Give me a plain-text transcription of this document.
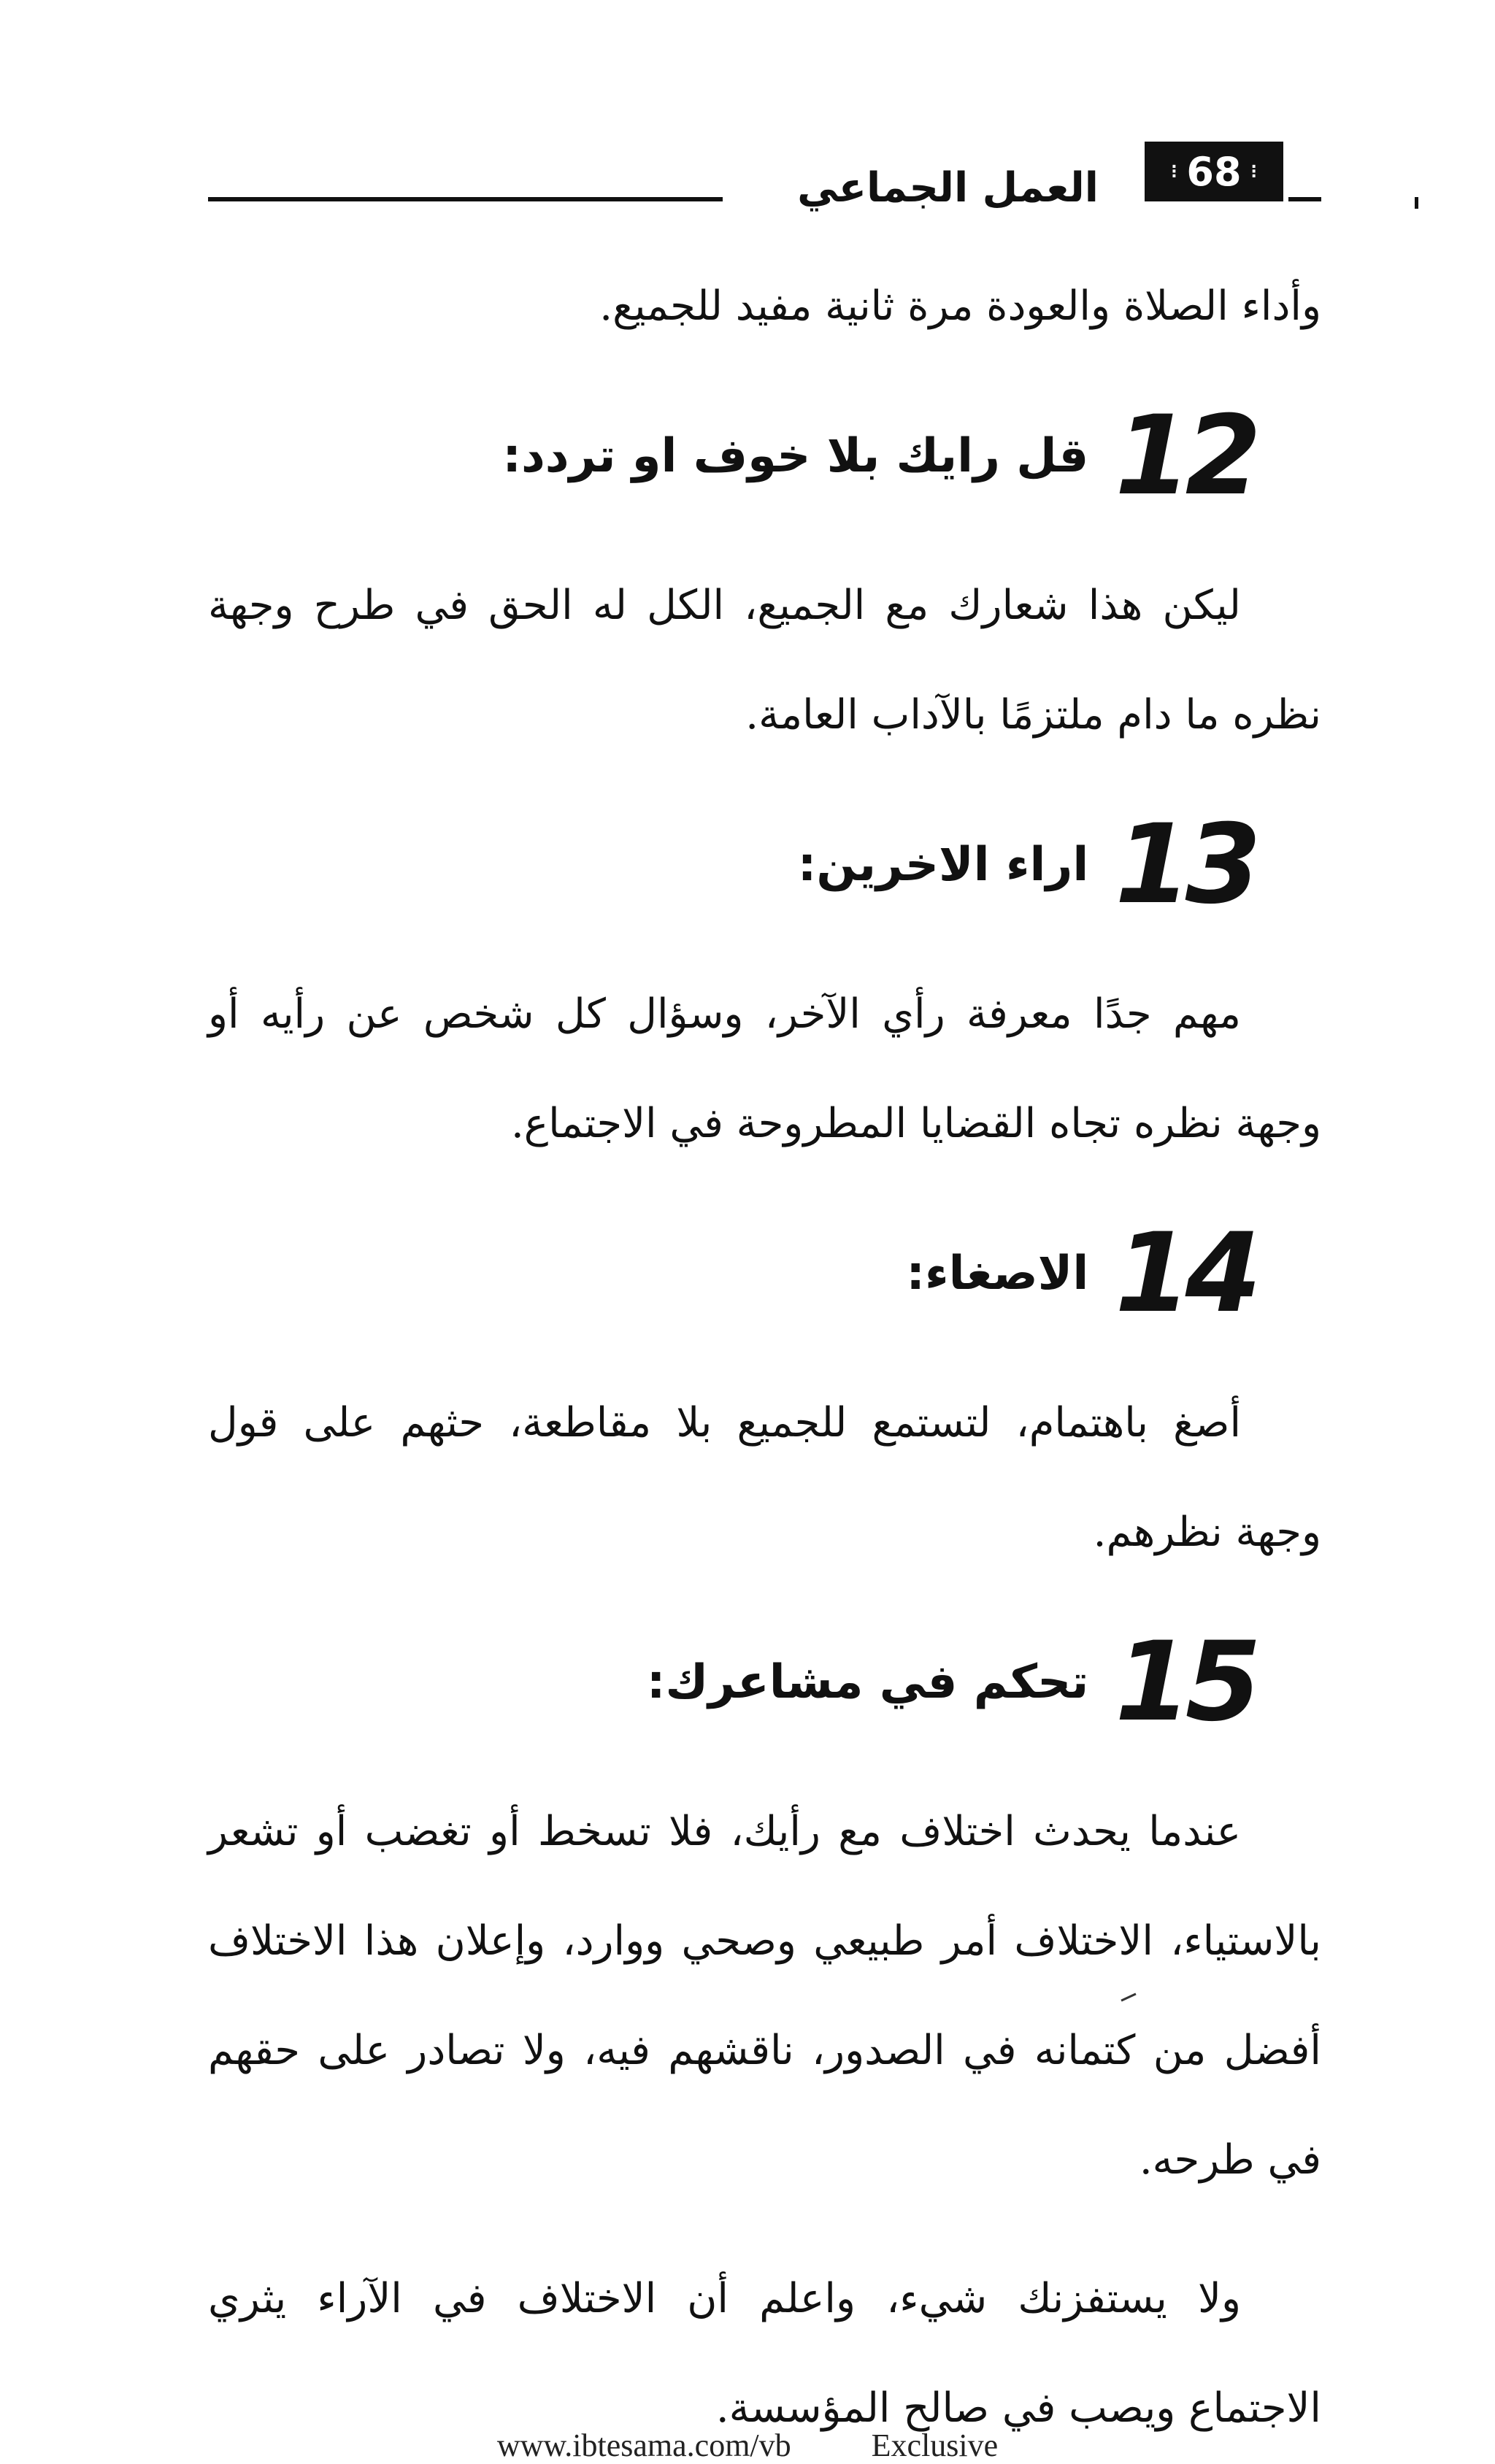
العمل الجماعي	⋮ 68 ⋮

وأداء الصلاة والعودة مرة ثانية مفيد للجميع.

12
قل رايك بلا خوف او تردد:

ليكن هذا شعارك مع الجميع، الكل له الحق في طرح وجهة نظره ما دام ملتزمًا بالآداب العامة.

13
اراء الاخرين:

مهم جدًا معرفة رأي الآخر، وسؤال كل شخص عن رأيه أو وجهة نظره تجاه القضايا المطروحة في الاجتماع.

14
الاصغاء:

أصغ باهتمام، لتستمع للجميع بلا مقاطعة، حثهم على قول وجهة نظرهم.

15
تحكم في مشاعرك:

عندما يحدث اختلاف مع رأيك، فلا تسخط أو تغضب أو تشعر بالاستياء، الاختلاف أمر طبيعي وصحي ووارد، وإعلان هذا الاختلاف أفضل من كتمانه في الصدور، ناقشهم فيه، ولا تصادر على حقهم في طرحه.

ولا يستفزنك شيء، واعلم أن الاختلاف في الآراء يثري الاجتماع ويصب في صالح المؤسسة.

www.ibtesama.com/vb	Exclusive
